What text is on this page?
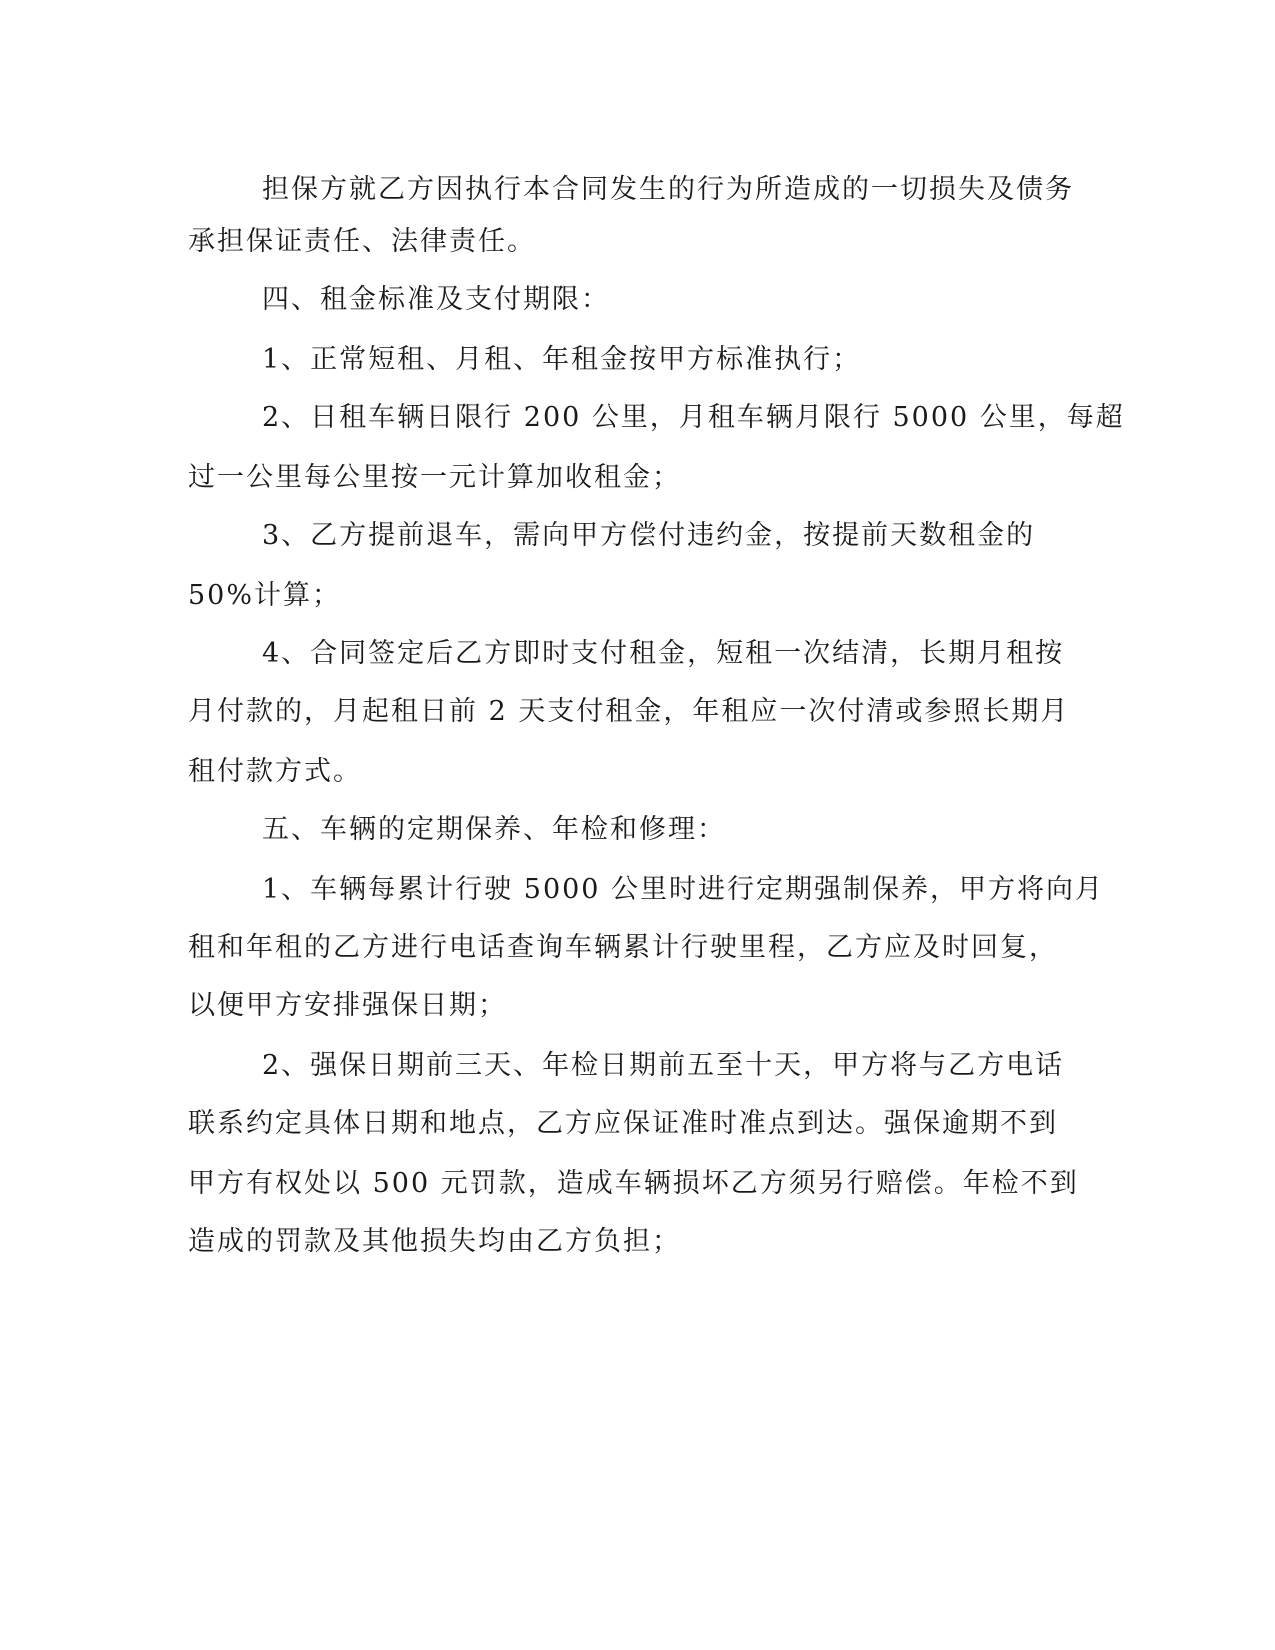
担保方就乙方因执行本合同发生的行为所造成的一切损失及债务

承担保证责任、法律责任。

四、租金标准及支付期限：

1、正常短租、月租、年租金按甲方标准执行；

2、日租车辆日限行 200 公里，月租车辆月限行 5000 公里，每超

过一公里每公里按一元计算加收租金；

3、乙方提前退车，需向甲方偿付违约金，按提前天数租金的

50%计算；

4、合同签定后乙方即时支付租金，短租一次结清，长期月租按

月付款的，月起租日前 2 天支付租金，年租应一次付清或参照长期月

租付款方式。

五、车辆的定期保养、年检和修理：

1、车辆每累计行驶 5000 公里时进行定期强制保养，甲方将向月

租和年租的乙方进行电话查询车辆累计行驶里程，乙方应及时回复，

以便甲方安排强保日期；

2、强保日期前三天、年检日期前五至十天，甲方将与乙方电话

联系约定具体日期和地点，乙方应保证准时准点到达。强保逾期不到

甲方有权处以 500 元罚款，造成车辆损坏乙方须另行赔偿。年检不到

造成的罚款及其他损失均由乙方负担；
